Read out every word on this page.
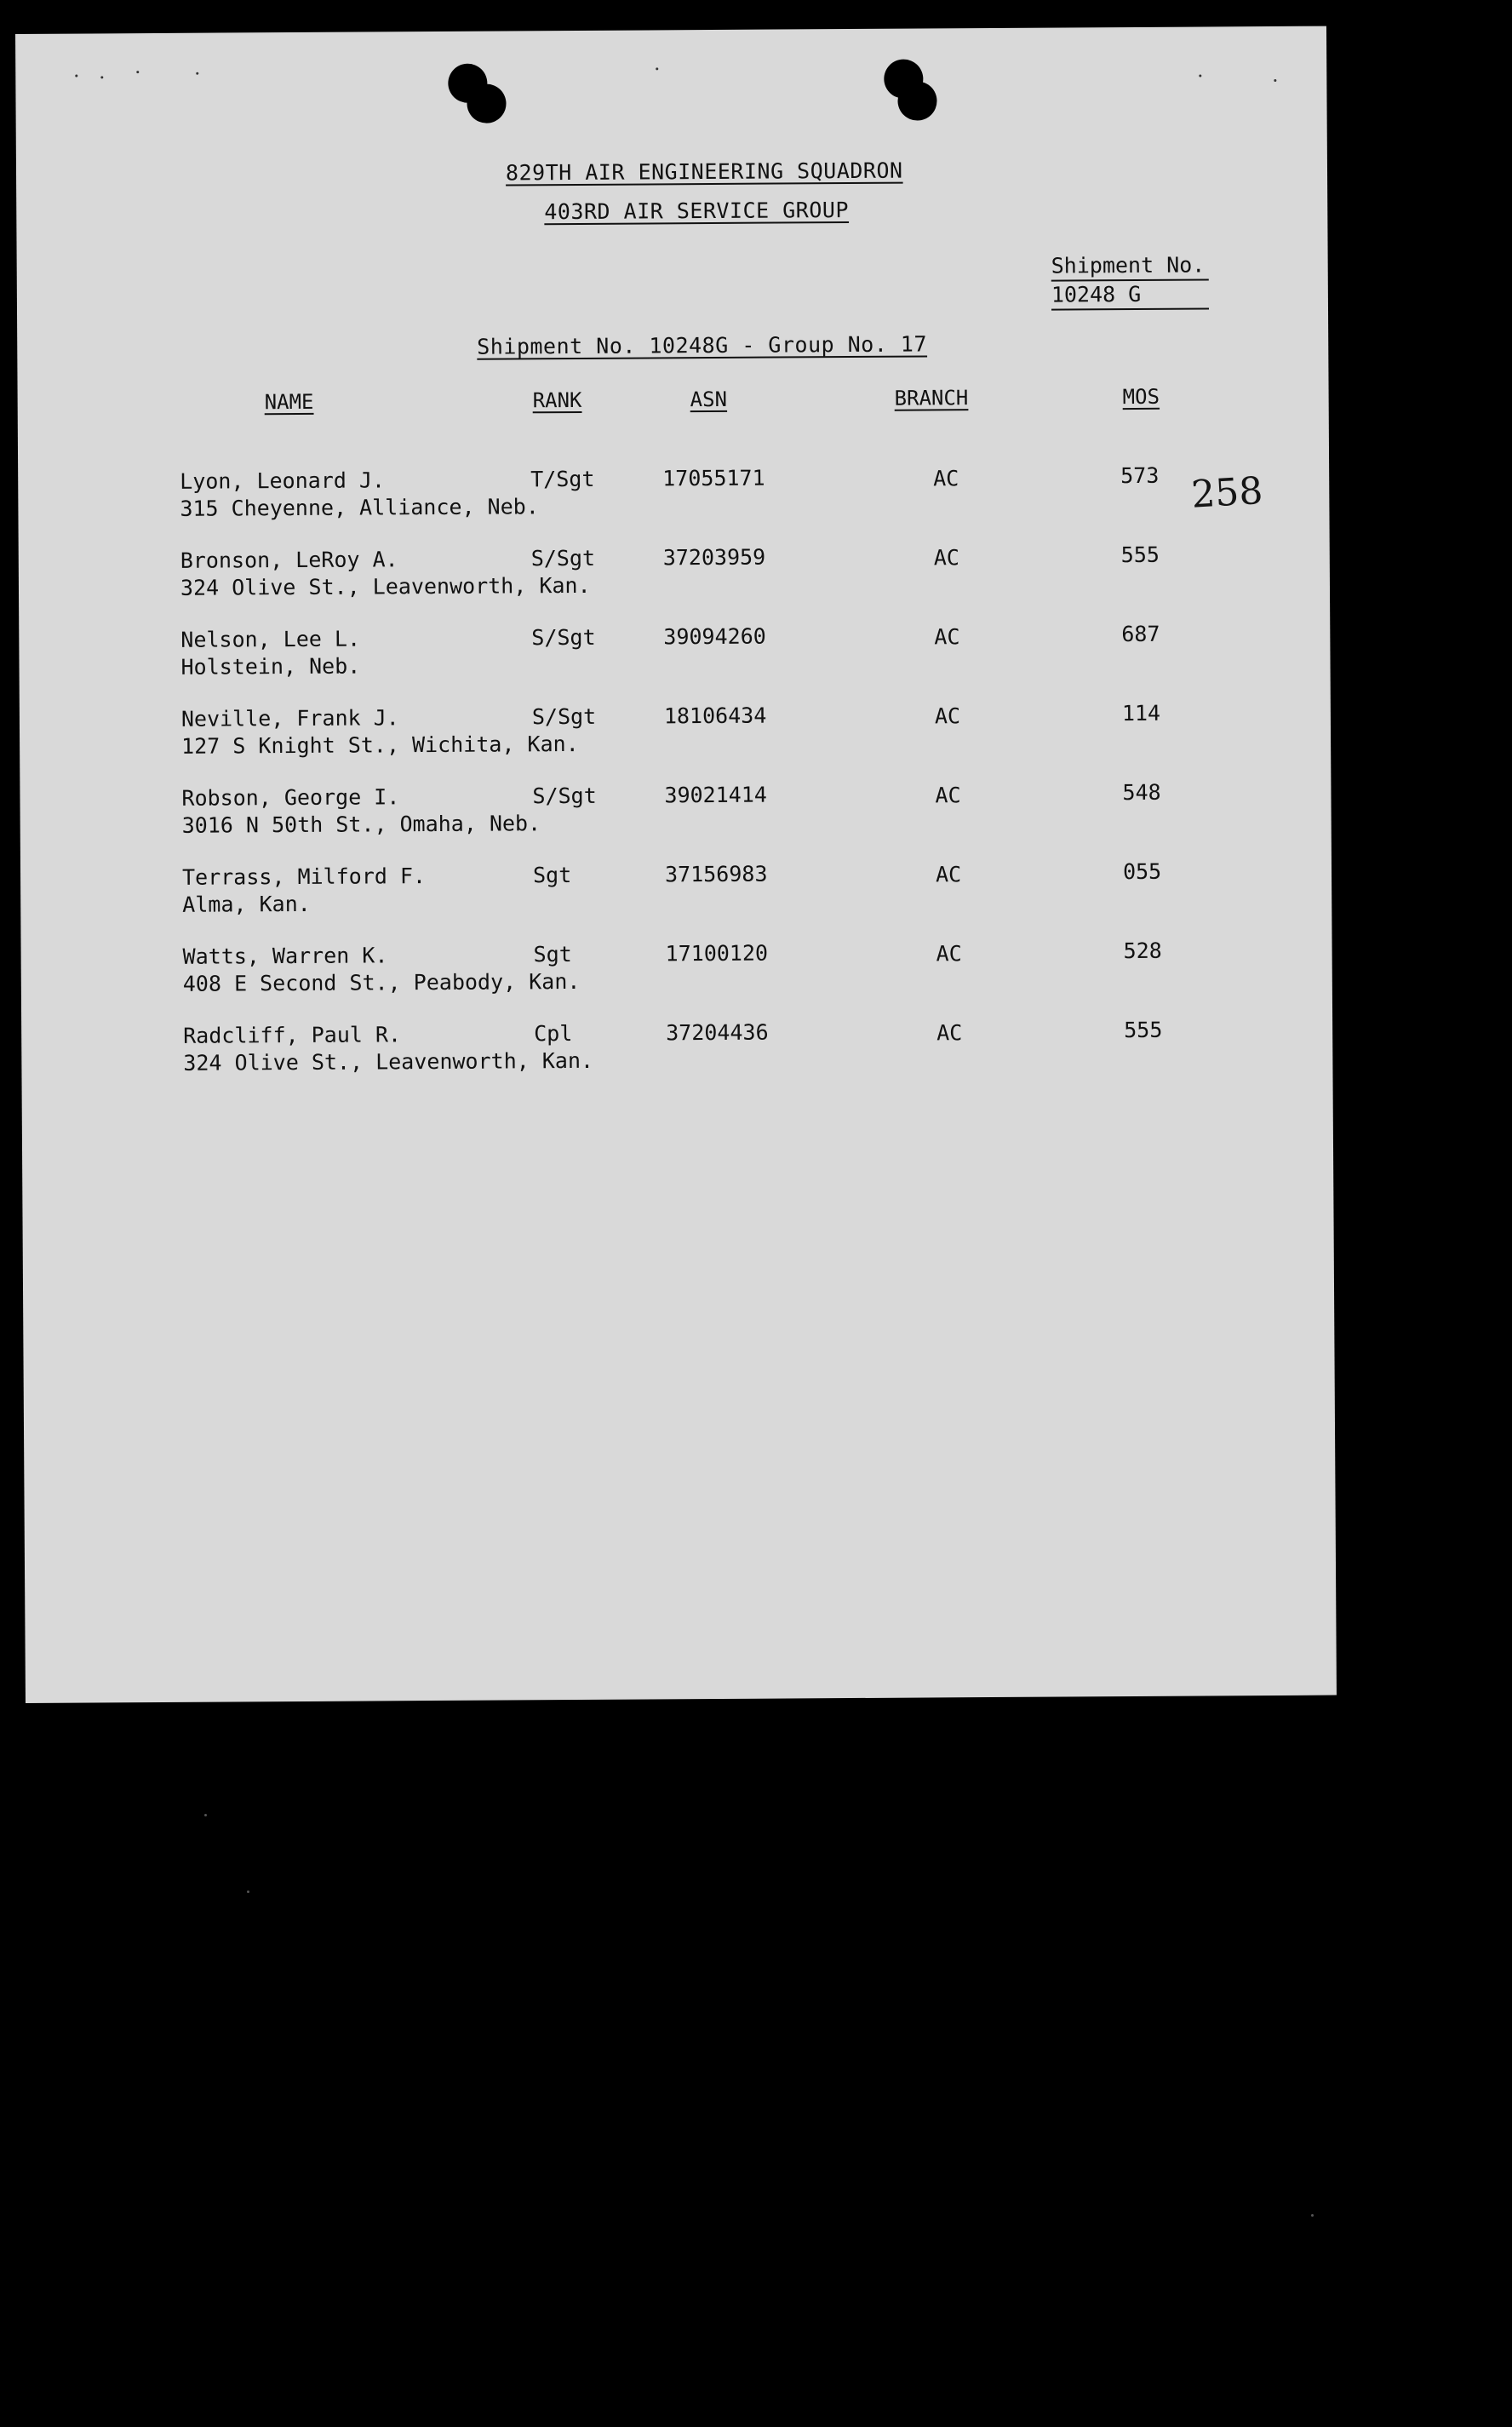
829TH AIR ENGINEERING SQUADRON
403RD AIR SERVICE GROUP
Shipment No.
10248 G
Shipment No. 10248G - Group No. 17
NAME	RANK	ASN	BRANCH	MOS
258
Lyon, Leonard J.
315 Cheyenne, Alliance, Neb.
T/Sgt	17055171	AC	573
Bronson, LeRoy A.
324 Olive St., Leavenworth, Kan.
S/Sgt	37203959	AC	555
Nelson, Lee L.
Holstein, Neb.
S/Sgt	39094260	AC	687
Neville, Frank J.
127 S Knight St., Wichita, Kan.
S/Sgt	18106434	AC	114
Robson, George I.
3016 N 50th St., Omaha, Neb.
S/Sgt	39021414	AC	548
Terrass, Milford F.
Alma, Kan.
Sgt	37156983	AC	055
Watts, Warren K.
408 E Second St., Peabody, Kan.
Sgt	17100120	AC	528
Radcliff, Paul R.
324 Olive St., Leavenworth, Kan.
Cpl	37204436	AC	555
